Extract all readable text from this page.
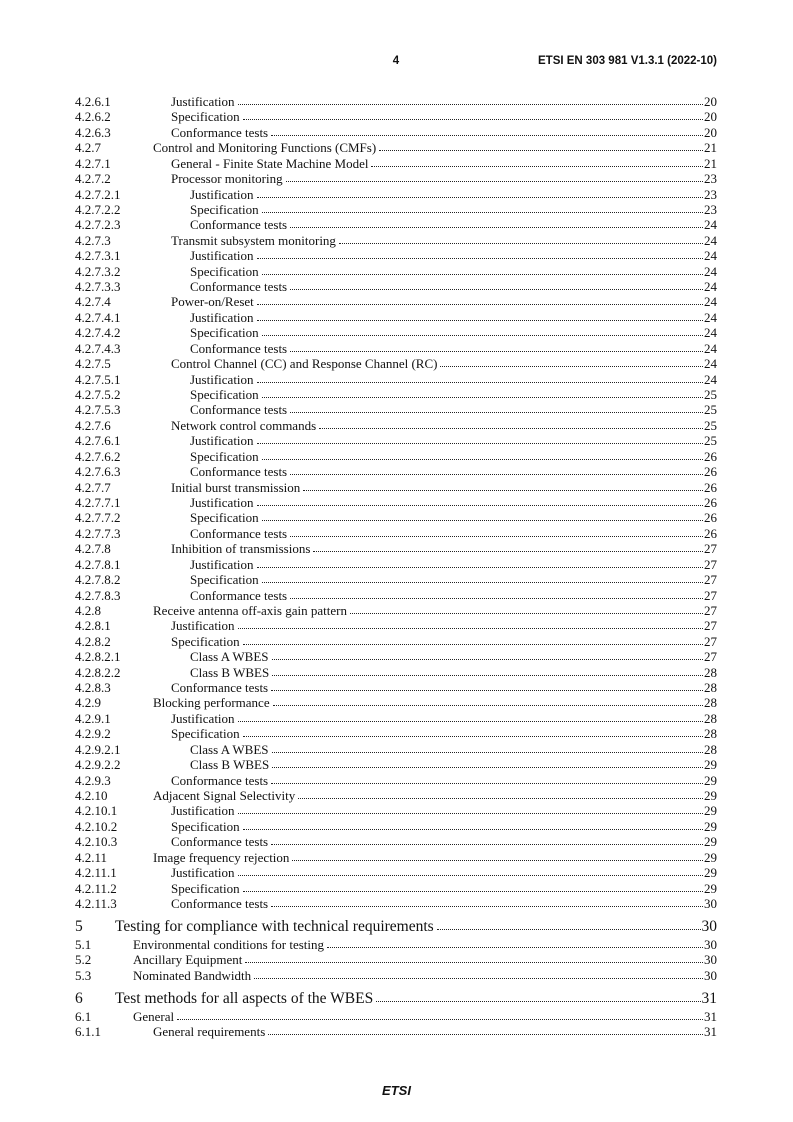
4	ETSI EN 303 981 V1.3.1 (2022-10)
4.2.6.1	Justification	20
4.2.6.2	Specification	20
4.2.6.3	Conformance tests	20
4.2.7	Control and Monitoring Functions (CMFs)	21
4.2.7.1	General - Finite State Machine Model	21
4.2.7.2	Processor monitoring	23
4.2.7.2.1	Justification	23
4.2.7.2.2	Specification	23
4.2.7.2.3	Conformance tests	24
4.2.7.3	Transmit subsystem monitoring	24
4.2.7.3.1	Justification	24
4.2.7.3.2	Specification	24
4.2.7.3.3	Conformance tests	24
4.2.7.4	Power-on/Reset	24
4.2.7.4.1	Justification	24
4.2.7.4.2	Specification	24
4.2.7.4.3	Conformance tests	24
4.2.7.5	Control Channel (CC) and Response Channel (RC)	24
4.2.7.5.1	Justification	24
4.2.7.5.2	Specification	25
4.2.7.5.3	Conformance tests	25
4.2.7.6	Network control commands	25
4.2.7.6.1	Justification	25
4.2.7.6.2	Specification	26
4.2.7.6.3	Conformance tests	26
4.2.7.7	Initial burst transmission	26
4.2.7.7.1	Justification	26
4.2.7.7.2	Specification	26
4.2.7.7.3	Conformance tests	26
4.2.7.8	Inhibition of transmissions	27
4.2.7.8.1	Justification	27
4.2.7.8.2	Specification	27
4.2.7.8.3	Conformance tests	27
4.2.8	Receive antenna off-axis gain pattern	27
4.2.8.1	Justification	27
4.2.8.2	Specification	27
4.2.8.2.1	Class A WBES	27
4.2.8.2.2	Class B WBES	28
4.2.8.3	Conformance tests	28
4.2.9	Blocking performance	28
4.2.9.1	Justification	28
4.2.9.2	Specification	28
4.2.9.2.1	Class A WBES	28
4.2.9.2.2	Class B WBES	29
4.2.9.3	Conformance tests	29
4.2.10	Adjacent Signal Selectivity	29
4.2.10.1	Justification	29
4.2.10.2	Specification	29
4.2.10.3	Conformance tests	29
4.2.11	Image frequency rejection	29
4.2.11.1	Justification	29
4.2.11.2	Specification	29
4.2.11.3	Conformance tests	30
5	Testing for compliance with technical requirements	30
5.1	Environmental conditions for testing	30
5.2	Ancillary Equipment	30
5.3	Nominated Bandwidth	30
6	Test methods for all aspects of the WBES	31
6.1	General	31
6.1.1	General requirements	31
ETSI
